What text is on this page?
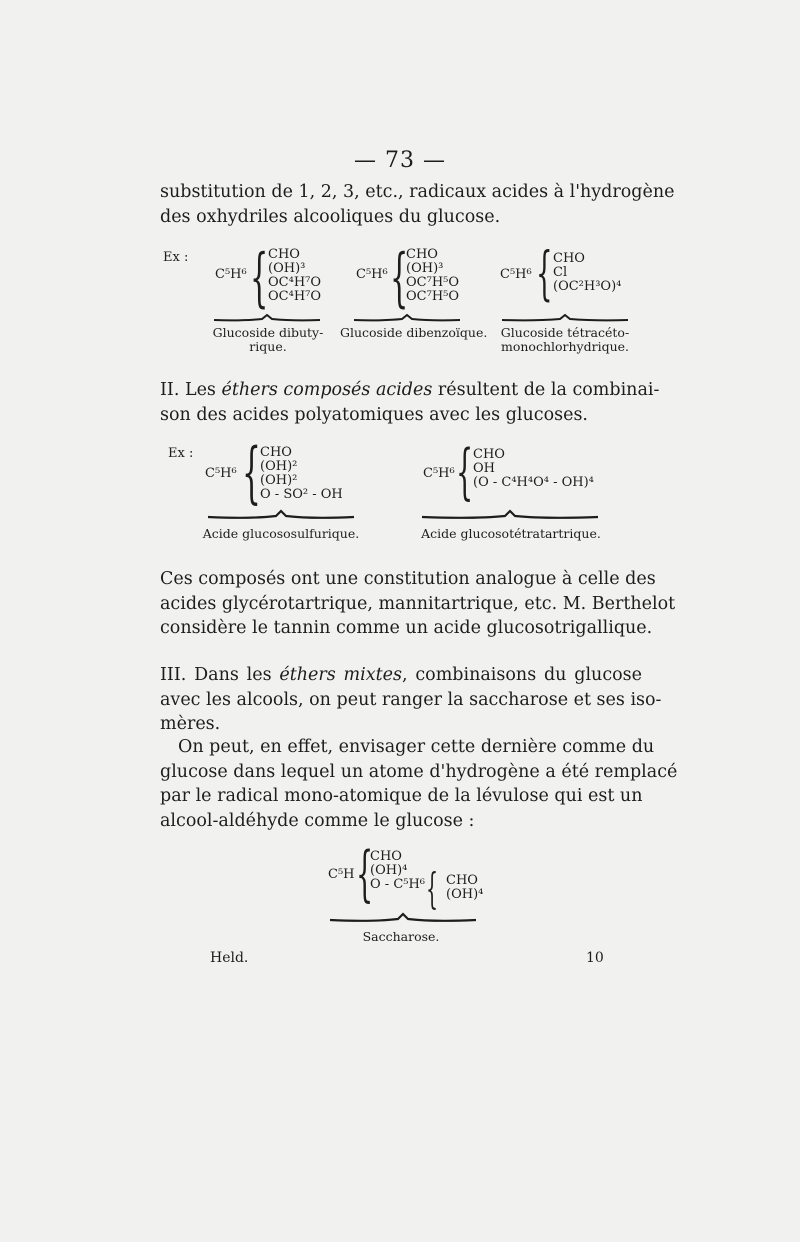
— 73 —
substitution de 1, 2, 3, etc., radicaux acides à l'hydrogène
des oxhydriles alcooliques du glucose.
Ex :
C⁵H⁶ { CHO
(OH)³
OC⁴H⁷O
OC⁴H⁷O
Glucoside dibuty-
rique.
C⁵H⁶ {
CHO
(OH)³
OC⁷H⁵O
OC⁷H⁵O
Glucoside dibenzoïque.
C⁵H⁶ { CHO
Cl
(OC²H³O)⁴
Glucoside tétracéto-
monochlorhydrique.
II. Les éthers composés acides résultent de la combinai-
son des acides polyatomiques avec les glucoses.
Ex :
C⁵H⁶ { CHO
(OH)²
(OH)²
O - SO² - OH
Acide glucososulfurique.
C⁵H⁶ { CHO
OH
(O - C⁴H⁴O⁴ - OH)⁴
Acide glucosotétratartrique.
Ces composés ont une constitution analogue à celle des
acides glycérotartrique, mannitartrique, etc. M. Berthelot
considère le tannin comme un acide glucosotrigallique.
III. Dans les éthers mixtes, combinaisons du glucose
avec les alcools, on peut ranger la saccharose et ses iso-
mères.
On peut, en effet, envisager cette dernière comme du
glucose dans lequel un atome d'hydrogène a été remplacé
par le radical mono-atomique de la lévulose qui est un
alcool-aldéhyde comme le glucose :
C⁵H {
CHO
(OH)⁴
O - C⁵H⁶ { CHO
(OH)⁴
Saccharose.
Held.	10
